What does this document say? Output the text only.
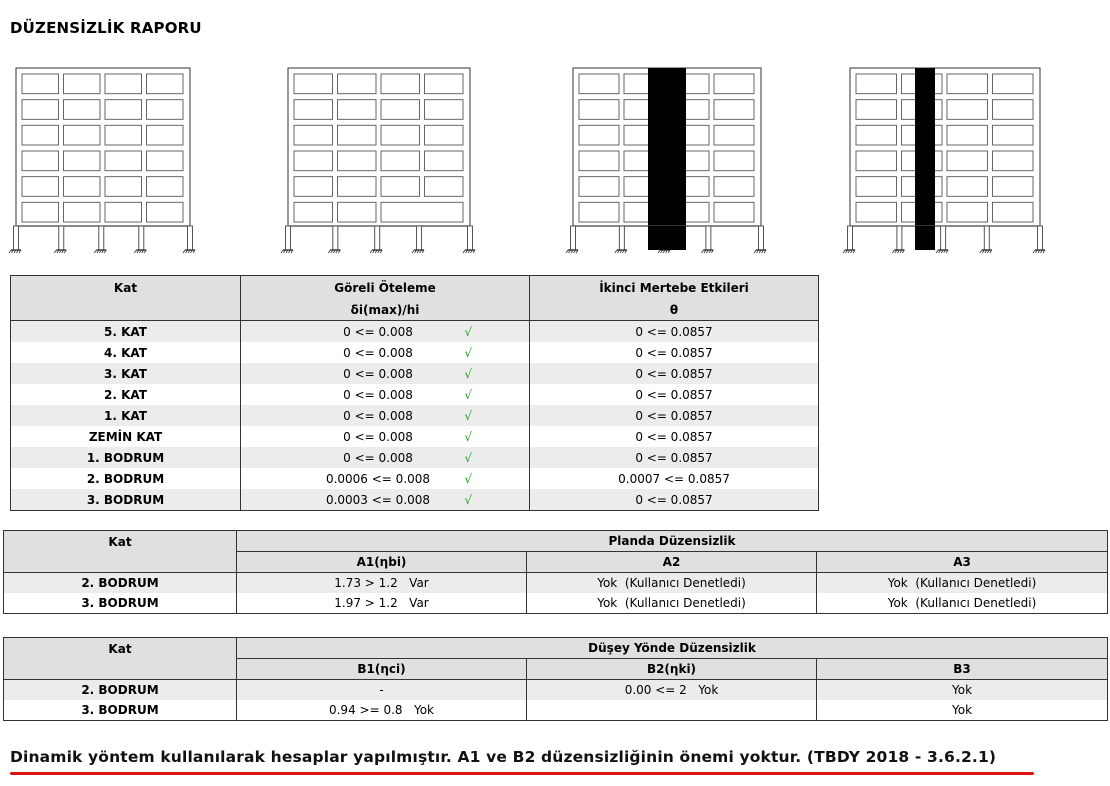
DÜZENSİZLİK RAPORU
Kat	Göreli Öteleme	İkinci Mertebe Etkileri
	δi(max)/hi	θ
5. KAT	0 <= 0.008 √	0 <= 0.0857
4. KAT	0 <= 0.008 √	0 <= 0.0857
3. KAT	0 <= 0.008 √	0 <= 0.0857
2. KAT	0 <= 0.008 √	0 <= 0.0857
1. KAT	0 <= 0.008 √	0 <= 0.0857
ZEMİN KAT	0 <= 0.008 √	0 <= 0.0857
1. BODRUM	0 <= 0.008 √	0 <= 0.0857
2. BODRUM	0.0006 <= 0.008 √	0.0007 <= 0.0857
3. BODRUM	0.0003 <= 0.008 √	0 <= 0.0857
Kat	Planda Düzensizlik		
	A1(ηbi)	A2	A3
2. BODRUM	1.73 > 1.2   Var	Yok  (Kullanıcı Denetledi)	Yok  (Kullanıcı Denetledi)
3. BODRUM	1.97 > 1.2   Var	Yok  (Kullanıcı Denetledi)	Yok  (Kullanıcı Denetledi)
Kat	Düşey Yönde Düzensizlik		
	B1(ηci)	B2(ηki)	B3
2. BODRUM	-	0.00 <= 2   Yok	Yok
3. BODRUM	0.94 >= 0.8   Yok		Yok
Dinamik yöntem kullanılarak hesaplar yapılmıştır. A1 ve B2 düzensizliğinin önemi yoktur. (TBDY 2018 - 3.6.2.1)
